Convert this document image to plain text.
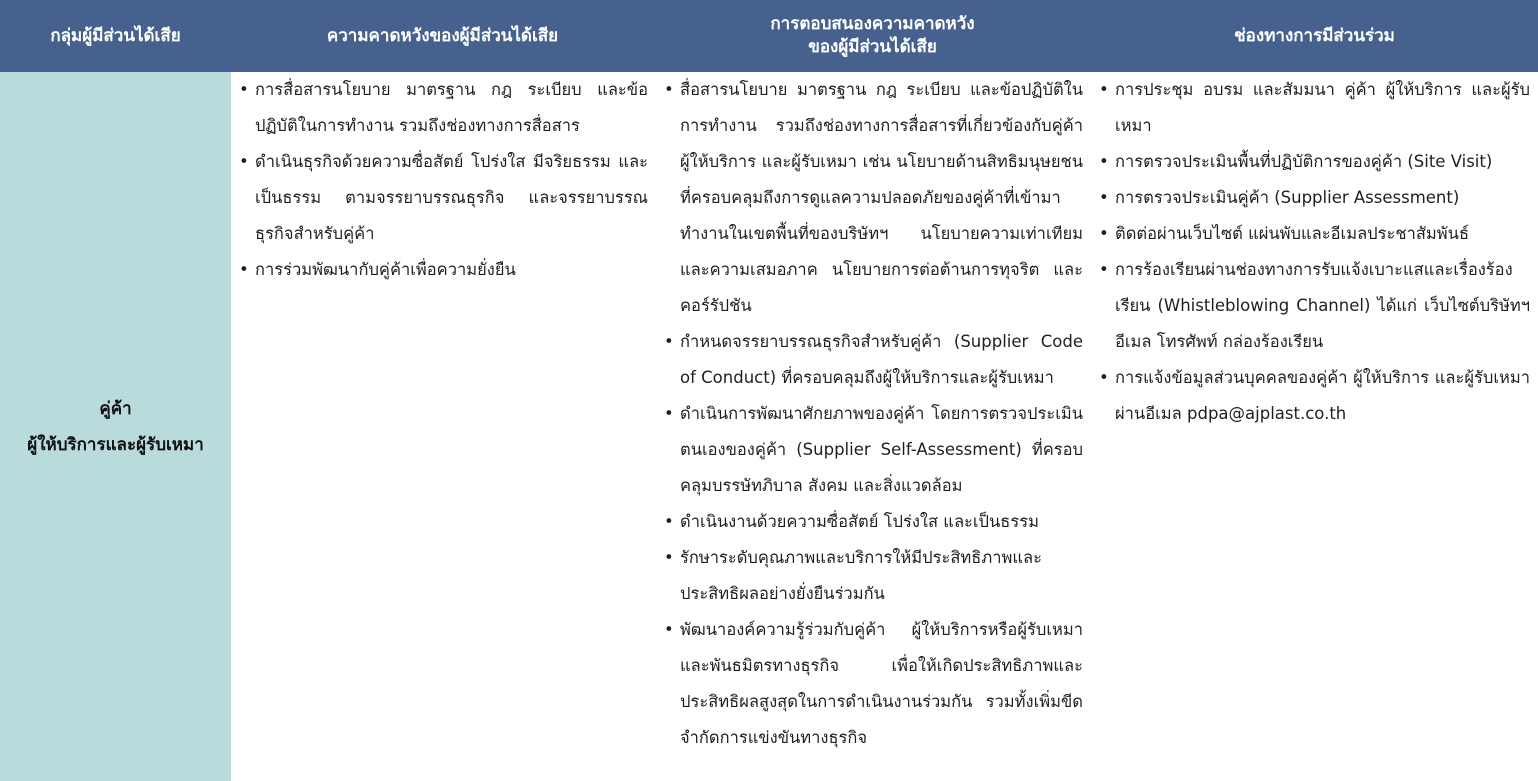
กลุ่มผู้มีส่วนได้เสีย	ความคาดหวังของผู้มีส่วนได้เสีย
การตอบสนองความคาดหวัง
ของผู้มีส่วนได้เสีย
ช่องทางการมีส่วนร่วม
คู่ค้า
ผู้ให้บริการและผู้รับเหมา
• การสื่อสารนโยบาย มาตรฐาน กฎ ระเบียบ และข้อปฏิบัติในการทำงาน รวมถึงช่องทางการสื่อสาร
• ดำเนินธุรกิจด้วยความซื่อสัตย์ โปร่งใส มีจริยธรรม และเป็นธรรม ตามจรรยาบรรณธุรกิจ และจรรยาบรรณธุรกิจสำหรับคู่ค้า
• การร่วมพัฒนากับคู่ค้าเพื่อความยั่งยืน
• สื่อสารนโยบาย มาตรฐาน กฎ ระเบียบ และข้อปฏิบัติในการทำงาน รวมถึงช่องทางการสื่อสารที่เกี่ยวข้องกับคู่ค้า ผู้ให้บริการ และผู้รับเหมา เช่น นโยบายด้านสิทธิมนุษยชนที่ครอบคลุมถึงการดูแลความปลอดภัยของคู่ค้าที่เข้ามาทำงานในเขตพื้นที่ของบริษัทฯ นโยบายความเท่าเทียมและความเสมอภาค นโยบายการต่อต้านการทุจริต และคอร์รัปชัน
• กำหนดจรรยาบรรณธุรกิจสำหรับคู่ค้า (Supplier Code of Conduct) ที่ครอบคลุมถึงผู้ให้บริการและผู้รับเหมา
• ดำเนินการพัฒนาศักยภาพของคู่ค้า โดยการตรวจประเมินตนเองของคู่ค้า (Supplier Self-Assessment) ที่ครอบคลุมบรรษัทภิบาล สังคม และสิ่งแวดล้อม
• ดำเนินงานด้วยความซื่อสัตย์ โปร่งใส และเป็นธรรม
• รักษาระดับคุณภาพและบริการให้มีประสิทธิภาพและประสิทธิผลอย่างยั่งยืนร่วมกัน
• พัฒนาองค์ความรู้ร่วมกับคู่ค้า ผู้ให้บริการหรือผู้รับเหมา และพันธมิตรทางธุรกิจ เพื่อให้เกิดประสิทธิภาพและประสิทธิผลสูงสุดในการดำเนินงานร่วมกัน รวมทั้งเพิ่มขีดจำกัดการแข่งขันทางธุรกิจ
• การประชุม อบรม และสัมมนา คู่ค้า ผู้ให้บริการ และผู้รับเหมา
• การตรวจประเมินพื้นที่ปฏิบัติการของคู่ค้า (Site Visit)
• การตรวจประเมินคู่ค้า (Supplier Assessment)
• ติดต่อผ่านเว็บไซต์ แผ่นพับและอีเมลประชาสัมพันธ์
• การร้องเรียนผ่านช่องทางการรับแจ้งเบาะแสและเรื่องร้องเรียน (Whistleblowing Channel) ได้แก่ เว็บไซต์บริษัทฯ อีเมล โทรศัพท์ กล่องร้องเรียน
• การแจ้งข้อมูลส่วนบุคคลของคู่ค้า ผู้ให้บริการ และผู้รับเหมาผ่านอีเมล pdpa@ajplast.co.th
